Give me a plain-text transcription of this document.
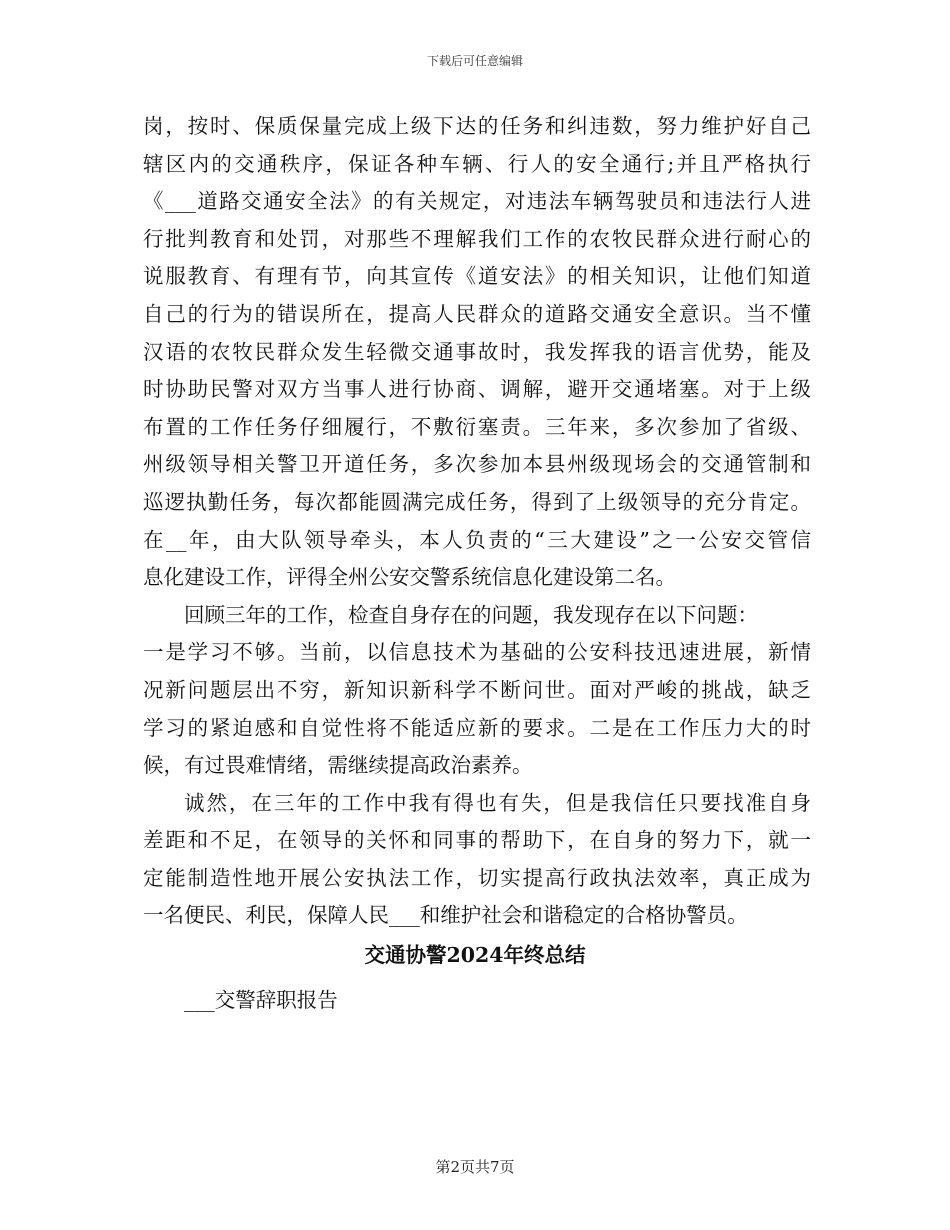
下载后可任意编辑
岗，按时、保质保量完成上级下达的任务和纠违数，努力维护好自己
辖区内的交通秩序，保证各种车辆、行人的安全通行;并且严格执行
《___道路交通安全法》的有关规定，对违法车辆驾驶员和违法行人进
行批判教育和处罚，对那些不理解我们工作的农牧民群众进行耐心的
说服教育、有理有节，向其宣传《道安法》的相关知识，让他们知道
自己的行为的错误所在，提高人民群众的道路交通安全意识。当不懂
汉语的农牧民群众发生轻微交通事故时，我发挥我的语言优势，能及
时协助民警对双方当事人进行协商、调解，避开交通堵塞。对于上级
布置的工作任务仔细履行，不敷衍塞责。三年来，多次参加了省级、
州级领导相关警卫开道任务，多次参加本县州级现场会的交通管制和
巡逻执勤任务，每次都能圆满完成任务，得到了上级领导的充分肯定。
在__年，由大队领导牵头，本人负责的“三大建设”之一公安交管信
息化建设工作，评得全州公安交警系统信息化建设第二名。
回顾三年的工作，检查自身存在的问题，我发现存在以下问题：
一是学习不够。当前，以信息技术为基础的公安科技迅速进展，新情
况新问题层出不穷，新知识新科学不断问世。面对严峻的挑战，缺乏
学习的紧迫感和自觉性将不能适应新的要求。二是在工作压力大的时
候，有过畏难情绪，需继续提高政治素养。
诚然，在三年的工作中我有得也有失，但是我信任只要找准自身
差距和不足，在领导的关怀和同事的帮助下，在自身的努力下，就一
定能制造性地开展公安执法工作，切实提高行政执法效率，真正成为
一名便民、利民，保障人民___和维护社会和谐稳定的合格协警员。
交通协警2024年终总结
___交警辞职报告
第2页共7页
